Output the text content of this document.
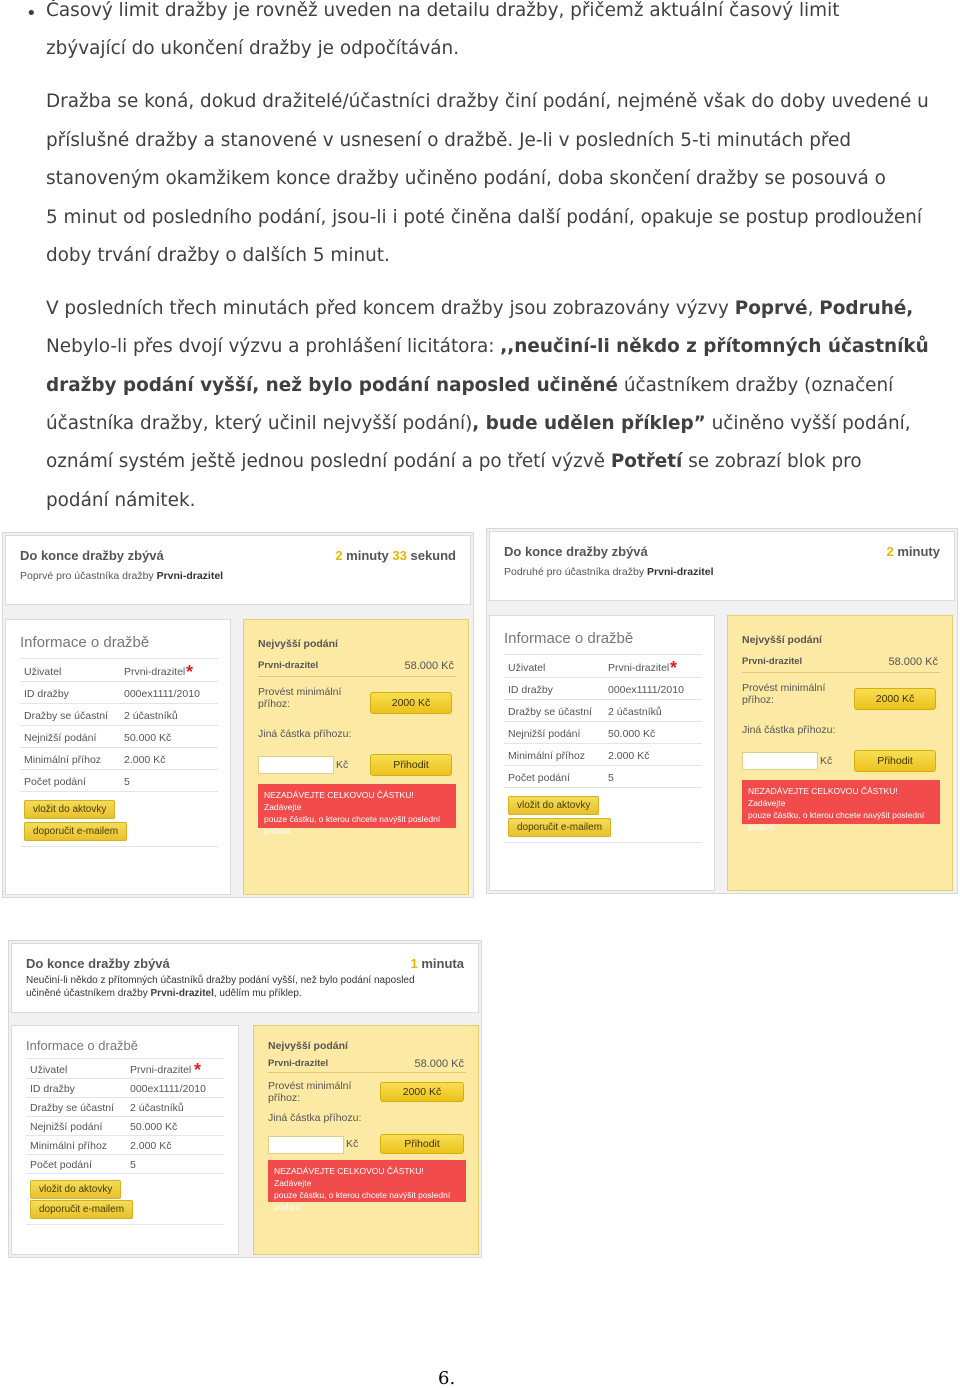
• Časový limit dražby je rovněž uveden na detailu dražby, přičemž aktuální časový limit
zbývající do ukončení dražby je odpočítáván.
Dražba se koná, dokud dražitelé/účastníci dražby činí podání, nejméně však do doby uvedené u
příslušné dražby a stanovené v usnesení o dražbě. Je-li v posledních 5-ti minutách před
stanoveným okamžikem konce dražby učiněno podání, doba skončení dražby se posouvá o
5 minut od posledního podání, jsou-li i poté činěna další podání, opakuje se postup prodloužení
doby trvání dražby o dalších 5 minut.
V posledních třech minutách před koncem dražby jsou zobrazovány výzvy Poprvé, Podruhé,
Nebylo-li přes dvojí výzvu a prohlášení licitátora: ,,neučiní-li někdo z přítomných účastníků
dražby podání vyšší, než bylo podání naposled učiněné účastníkem dražby (označení
účastníka dražby, který učinil nejvyšší podání), bude udělen příklep” učiněno vyšší podání,
oznámí systém ještě jednou poslední podání a po třetí výzvě Potřetí se zobrazí blok pro
podání námitek.
Do konce dražby zbývá	2 minuty 33 sekund
Poprvé pro účastníka dražby Prvni-drazitel
Informace o dražbě
Uživatel	Prvni-drazitel
ID dražby	000ex1111/2010
Dražby se účastní 2 účastníků
Nejnižší podání	50.000 Kč
Minimální příhoz 2.000 Kč
Počet podání	5
*
vložit do aktovky
doporučit e-mailem
Nejvyšší podání
Prvni-drazitel	58.000 Kč
Provést minimální
příhoz:	2000 Kč
Jiná částka příhozu:
Kč	Přihodit
NEZADÁVEJTE CELKOVOU ČÁSTKU! Zadávejte
pouze částku, o kterou chcete navýšit poslední
podání.
Do konce dražby zbývá	2 minuty
Podruhé pro účastníka dražby Prvni-drazitel
Informace o dražbě
Uživatel	Prvni-drazitel
ID dražby	000ex1111/2010
Dražby se účastní 2 účastníků
Nejnižší podání	50.000 Kč
Minimální příhoz 2.000 Kč
Počet podání	5
*
vložit do aktovky
doporučit e-mailem
Nejvyšší podání
Prvni-drazitel	58.000 Kč
Provést minimální
příhoz:	2000 Kč
Jiná částka příhozu:
Kč	Přihodit
NEZADÁVEJTE CELKOVOU ČÁSTKU! Zadávejte
pouze částku, o kterou chcete navýšit poslední
podání.
Do konce dražby zbývá	1 minuta
Neučiní-li někdo z přítomných účastníků dražby podání vyšší, než bylo podání naposled
učiněné účastníkem dražby Prvni-drazitel, udělím mu příklep.
Informace o dražbě
Uživatel	Prvni-drazitel
ID dražby	000ex1111/2010
Dražby se účastní 2 účastníků
Nejnižší podání	50.000 Kč
Minimální příhoz 2.000 Kč
Počet podání	5
*
vložit do aktovky
doporučit e-mailem
Nejvyšší podání
Prvni-drazitel	58.000 Kč
Provést minimální
příhoz:	2000 Kč
Jiná částka příhozu:
Kč	Přihodit
NEZADÁVEJTE CELKOVOU ČÁSTKU! Zadávejte
pouze částku, o kterou chcete navýšit poslední
podání.
6.
